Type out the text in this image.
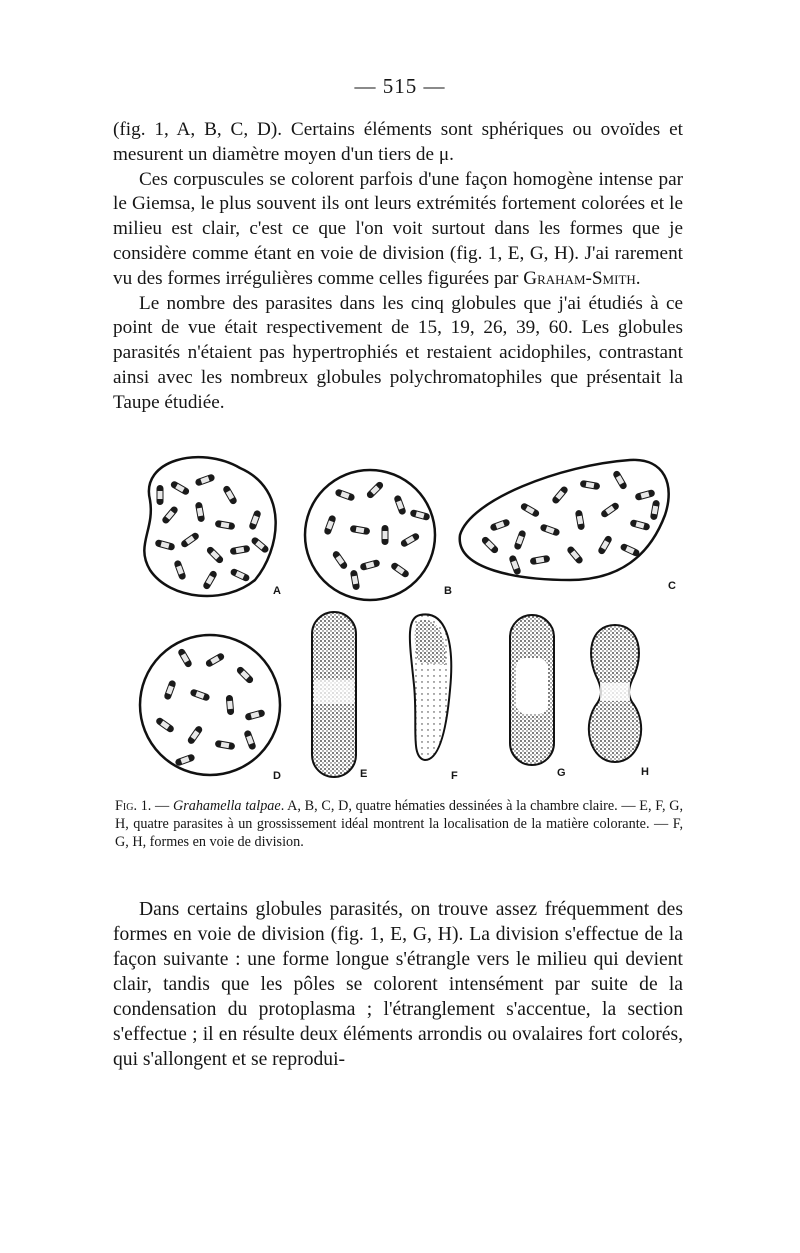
— 515 —

(fig. 1, A, B, C, D). Certains éléments sont sphériques ou ovoïdes et mesurent un diamètre moyen d'un tiers de μ.

Ces corpuscules se colorent parfois d'une façon homogène intense par le Giemsa, le plus souvent ils ont leurs extrémités fortement colorées et le milieu est clair, c'est ce que l'on voit surtout dans les formes que je considère comme étant en voie de division (fig. 1, E, G, H). J'ai rarement vu des formes irrégulières comme celles figurées par Graham-Smith.

Le nombre des parasites dans les cinq globules que j'ai étudiés à ce point de vue était respectivement de 15, 19, 26, 39, 60. Les globules parasités n'étaient pas hypertrophiés et restaient acidophiles, contrastant ainsi avec les nombreux globules polychromatophiles que présentait la Taupe étudiée.

A	B	C
D	E	F	G	H
Fig. 1. — Grahamella talpae. A, B, C, D, quatre hématies dessinées à la chambre claire. — E, F, G, H, quatre parasites à un grossissement idéal montrent la localisation de la matière colorante. — F, G, H, formes en voie de division.

Dans certains globules parasités, on trouve assez fréquemment des formes en voie de division (fig. 1, E, G, H). La division s'effectue de la façon suivante : une forme longue s'étrangle vers le milieu qui devient clair, tandis que les pôles se colorent intensément par suite de la condensation du protoplasma ; l'étranglement s'accentue, la section s'effectue ; il en résulte deux éléments arrondis ou ovalaires fort colorés, qui s'allongent et se reprodui-
